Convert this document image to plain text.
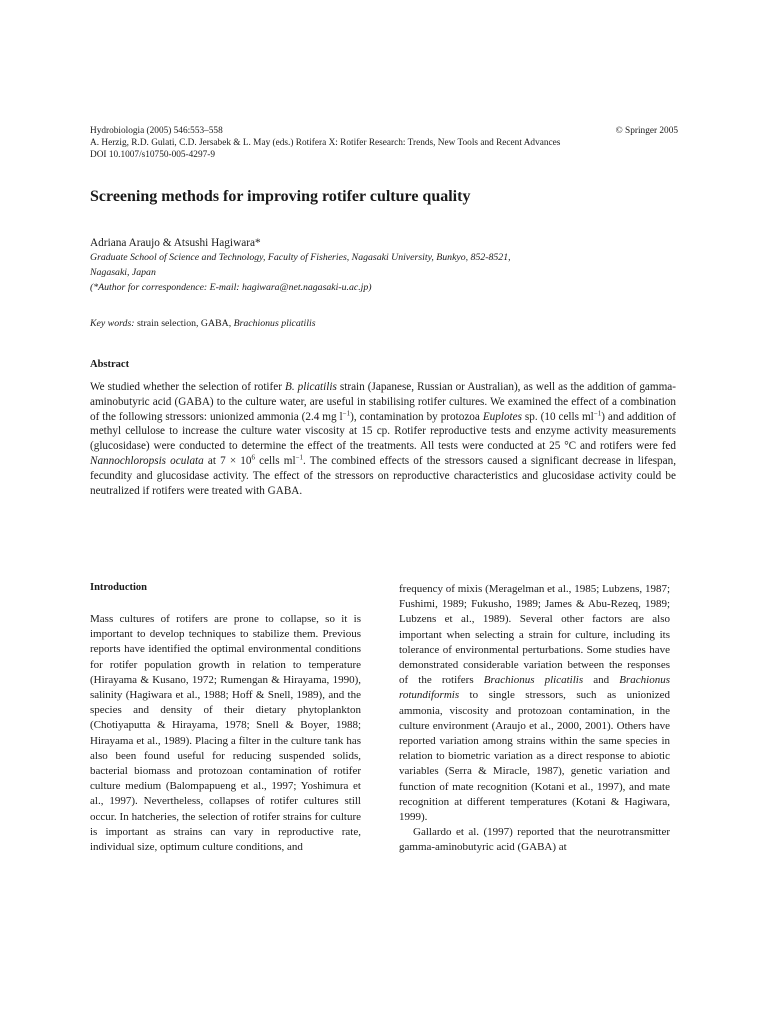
Hydrobiologia (2005) 546:553–558	© Springer 2005
A. Herzig, R.D. Gulati, C.D. Jersabek & L. May (eds.) Rotifera X: Rotifer Research: Trends, New Tools and Recent Advances
DOI 10.1007/s10750-005-4297-9
Screening methods for improving rotifer culture quality
Adriana Araujo & Atsushi Hagiwara*
Graduate School of Science and Technology, Faculty of Fisheries, Nagasaki University, Bunkyo, 852-8521,
Nagasaki, Japan
(*Author for correspondence: E-mail: hagiwara@net.nagasaki-u.ac.jp)
Key words: strain selection, GABA, Brachionus plicatilis
Abstract
We studied whether the selection of rotifer B. plicatilis strain (Japanese, Russian or Australian), as well as the addition of gamma-aminobutyric acid (GABA) to the culture water, are useful in stabilising rotifer cultures. We examined the effect of a combination of the following stressors: unionized ammonia (2.4 mg $l^{-1}$), contamination by protozoa Euplotes sp. (10 cells $ml^{-1}$) and addition of methyl cellulose to increase the culture water viscosity at 15 cp. Rotifer reproductive tests and enzyme activity measurements (glucosidase) were conducted to determine the effect of the treatments. All tests were conducted at 25 °C and rotifers were fed Nannochloropsis oculata at $7 \times 10^6$ cells $ml^{-1}$. The combined effects of the stressors caused a significant decrease in lifespan, fecundity and glucosidase activity. The effect of the stressors on reproductive characteristics and glucosidase activity could be neutralized if rotifers were treated with GABA.
Introduction

Mass cultures of rotifers are prone to collapse, so it is important to develop techniques to stabilize them. Previous reports have identified the optimal environmental conditions for rotifer population growth in relation to temperature (Hirayama & Kusano, 1972; Rumengan & Hirayama, 1990), salinity (Hagiwara et al., 1988; Hoff & Snell, 1989), and the species and density of their dietary phytoplankton (Chotiyaputta & Hirayama, 1978; Snell & Boyer, 1988; Hirayama et al., 1989). Placing a filter in the culture tank has also been found useful for reducing suspended solids, bacterial biomass and protozoan contamination of rotifer culture medium (Balompapueng et al., 1997; Yoshimura et al., 1997). Nevertheless, collapses of rotifer cultures still occur. In hatcheries, the selection of rotifer strains for culture is important as strains can vary in reproductive rate, individual size, optimum culture conditions, and

frequency of mixis (Meragelman et al., 1985; Lubzens, 1987; Fushimi, 1989; Fukusho, 1989; James & Abu-Rezeq, 1989; Lubzens et al., 1989). Several other factors are also important when selecting a strain for culture, including its tolerance of environmental perturbations. Some studies have demonstrated considerable variation between the responses of the rotifers Brachionus plicatilis and Brachionus rotundiformis to single stressors, such as unionized ammonia, viscosity and protozoan contamination, in the culture environment (Araujo et al., 2000, 2001). Others have reported variation among strains within the same species in relation to biometric variation as a direct response to abiotic variables (Serra & Miracle, 1987), genetic variation and function of mate recognition (Kotani et al., 1997), and mate recognition at different temperatures (Kotani & Hagiwara, 1999).

Gallardo et al. (1997) reported that the neurotransmitter gamma-aminobutyric acid (GABA) at
